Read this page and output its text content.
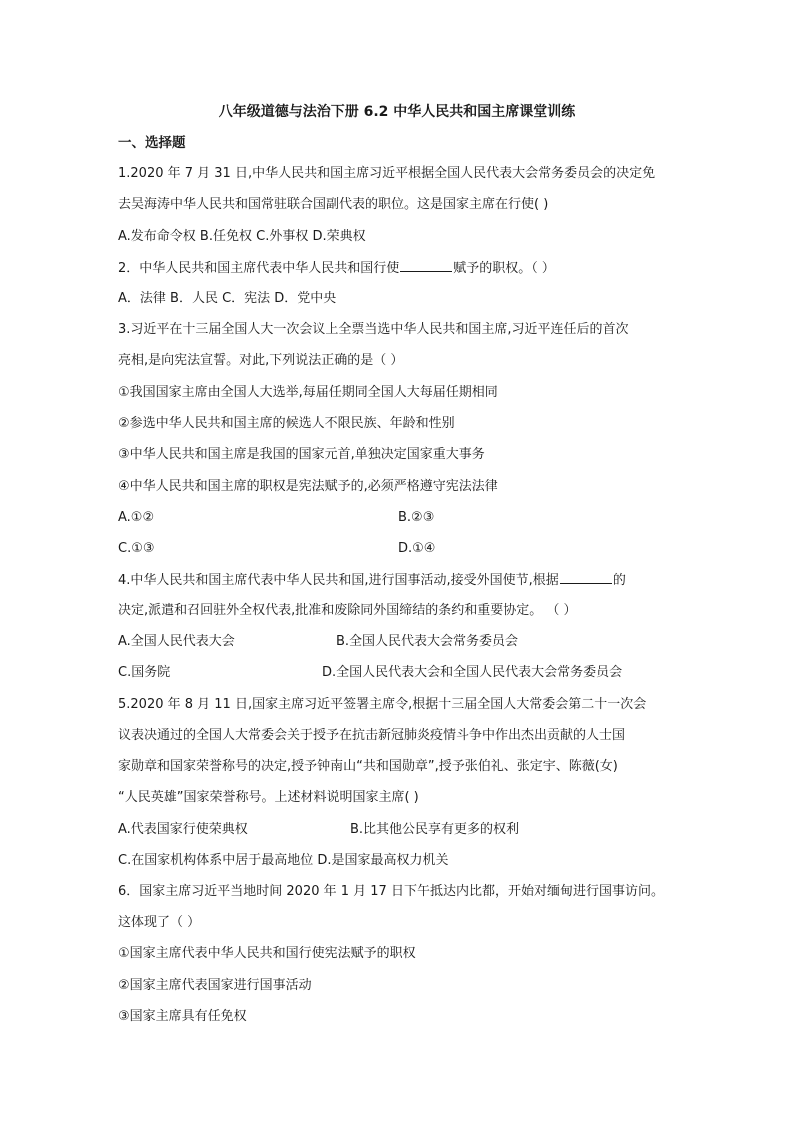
八年级道德与法治下册 6.2 中华人民共和国主席课堂训练
一、选择题
1.2020 年 7 月 31 日,中华人民共和国主席习近平根据全国人民代表大会常务委员会的决定免
去吴海涛中华人民共和国常驻联合国副代表的职位。这是国家主席在行使( )
A.发布命令权 B.任免权 C.外事权 D.荣典权
2．中华人民共和国主席代表中华人民共和国行使	赋予的职权。（ ）
A．法律 B．人民 C．宪法 D．党中央
3.习近平在十三届全国人大一次会议上全票当选中华人民共和国主席,习近平连任后的首次
亮相,是向宪法宣誓。对此,下列说法正确的是（ ）
①我国国家主席由全国人大选举,每届任期同全国人大每届任期相同
②参选中华人民共和国主席的候选人不限民族、年龄和性别
③中华人民共和国主席是我国的国家元首,单独决定国家重大事务
④中华人民共和国主席的职权是宪法赋予的,必须严格遵守宪法法律
A.①②	B.②③
C.①③	D.①④
4.中华人民共和国主席代表中华人民共和国,进行国事活动,接受外国使节,根据	的
决定,派遣和召回驻外全权代表,批准和废除同外国缔结的条约和重要协定。 （ ）
A.全国人民代表大会	B.全国人民代表大会常务委员会
C.国务院	D.全国人民代表大会和全国人民代表大会常务委员会
5.2020 年 8 月 11 日,国家主席习近平签署主席令,根据十三届全国人大常委会第二十一次会
议表决通过的全国人大常委会关于授予在抗击新冠肺炎疫情斗争中作出杰出贡献的人士国
家勋章和国家荣誉称号的决定,授予钟南山“共和国勋章”,授予张伯礼、张定宇、陈薇(女)
“人民英雄”国家荣誉称号。上述材料说明国家主席( )
A.代表国家行使荣典权	B.比其他公民享有更多的权利
C.在国家机构体系中居于最高地位 D.是国家最高权力机关
6．国家主席习近平当地时间 2020 年 1 月 17 日下午抵达内比都，开始对缅甸进行国事访问。
这体现了（ ）
①国家主席代表中华人民共和国行使宪法赋予的职权
②国家主席代表国家进行国事活动
③国家主席具有任免权
